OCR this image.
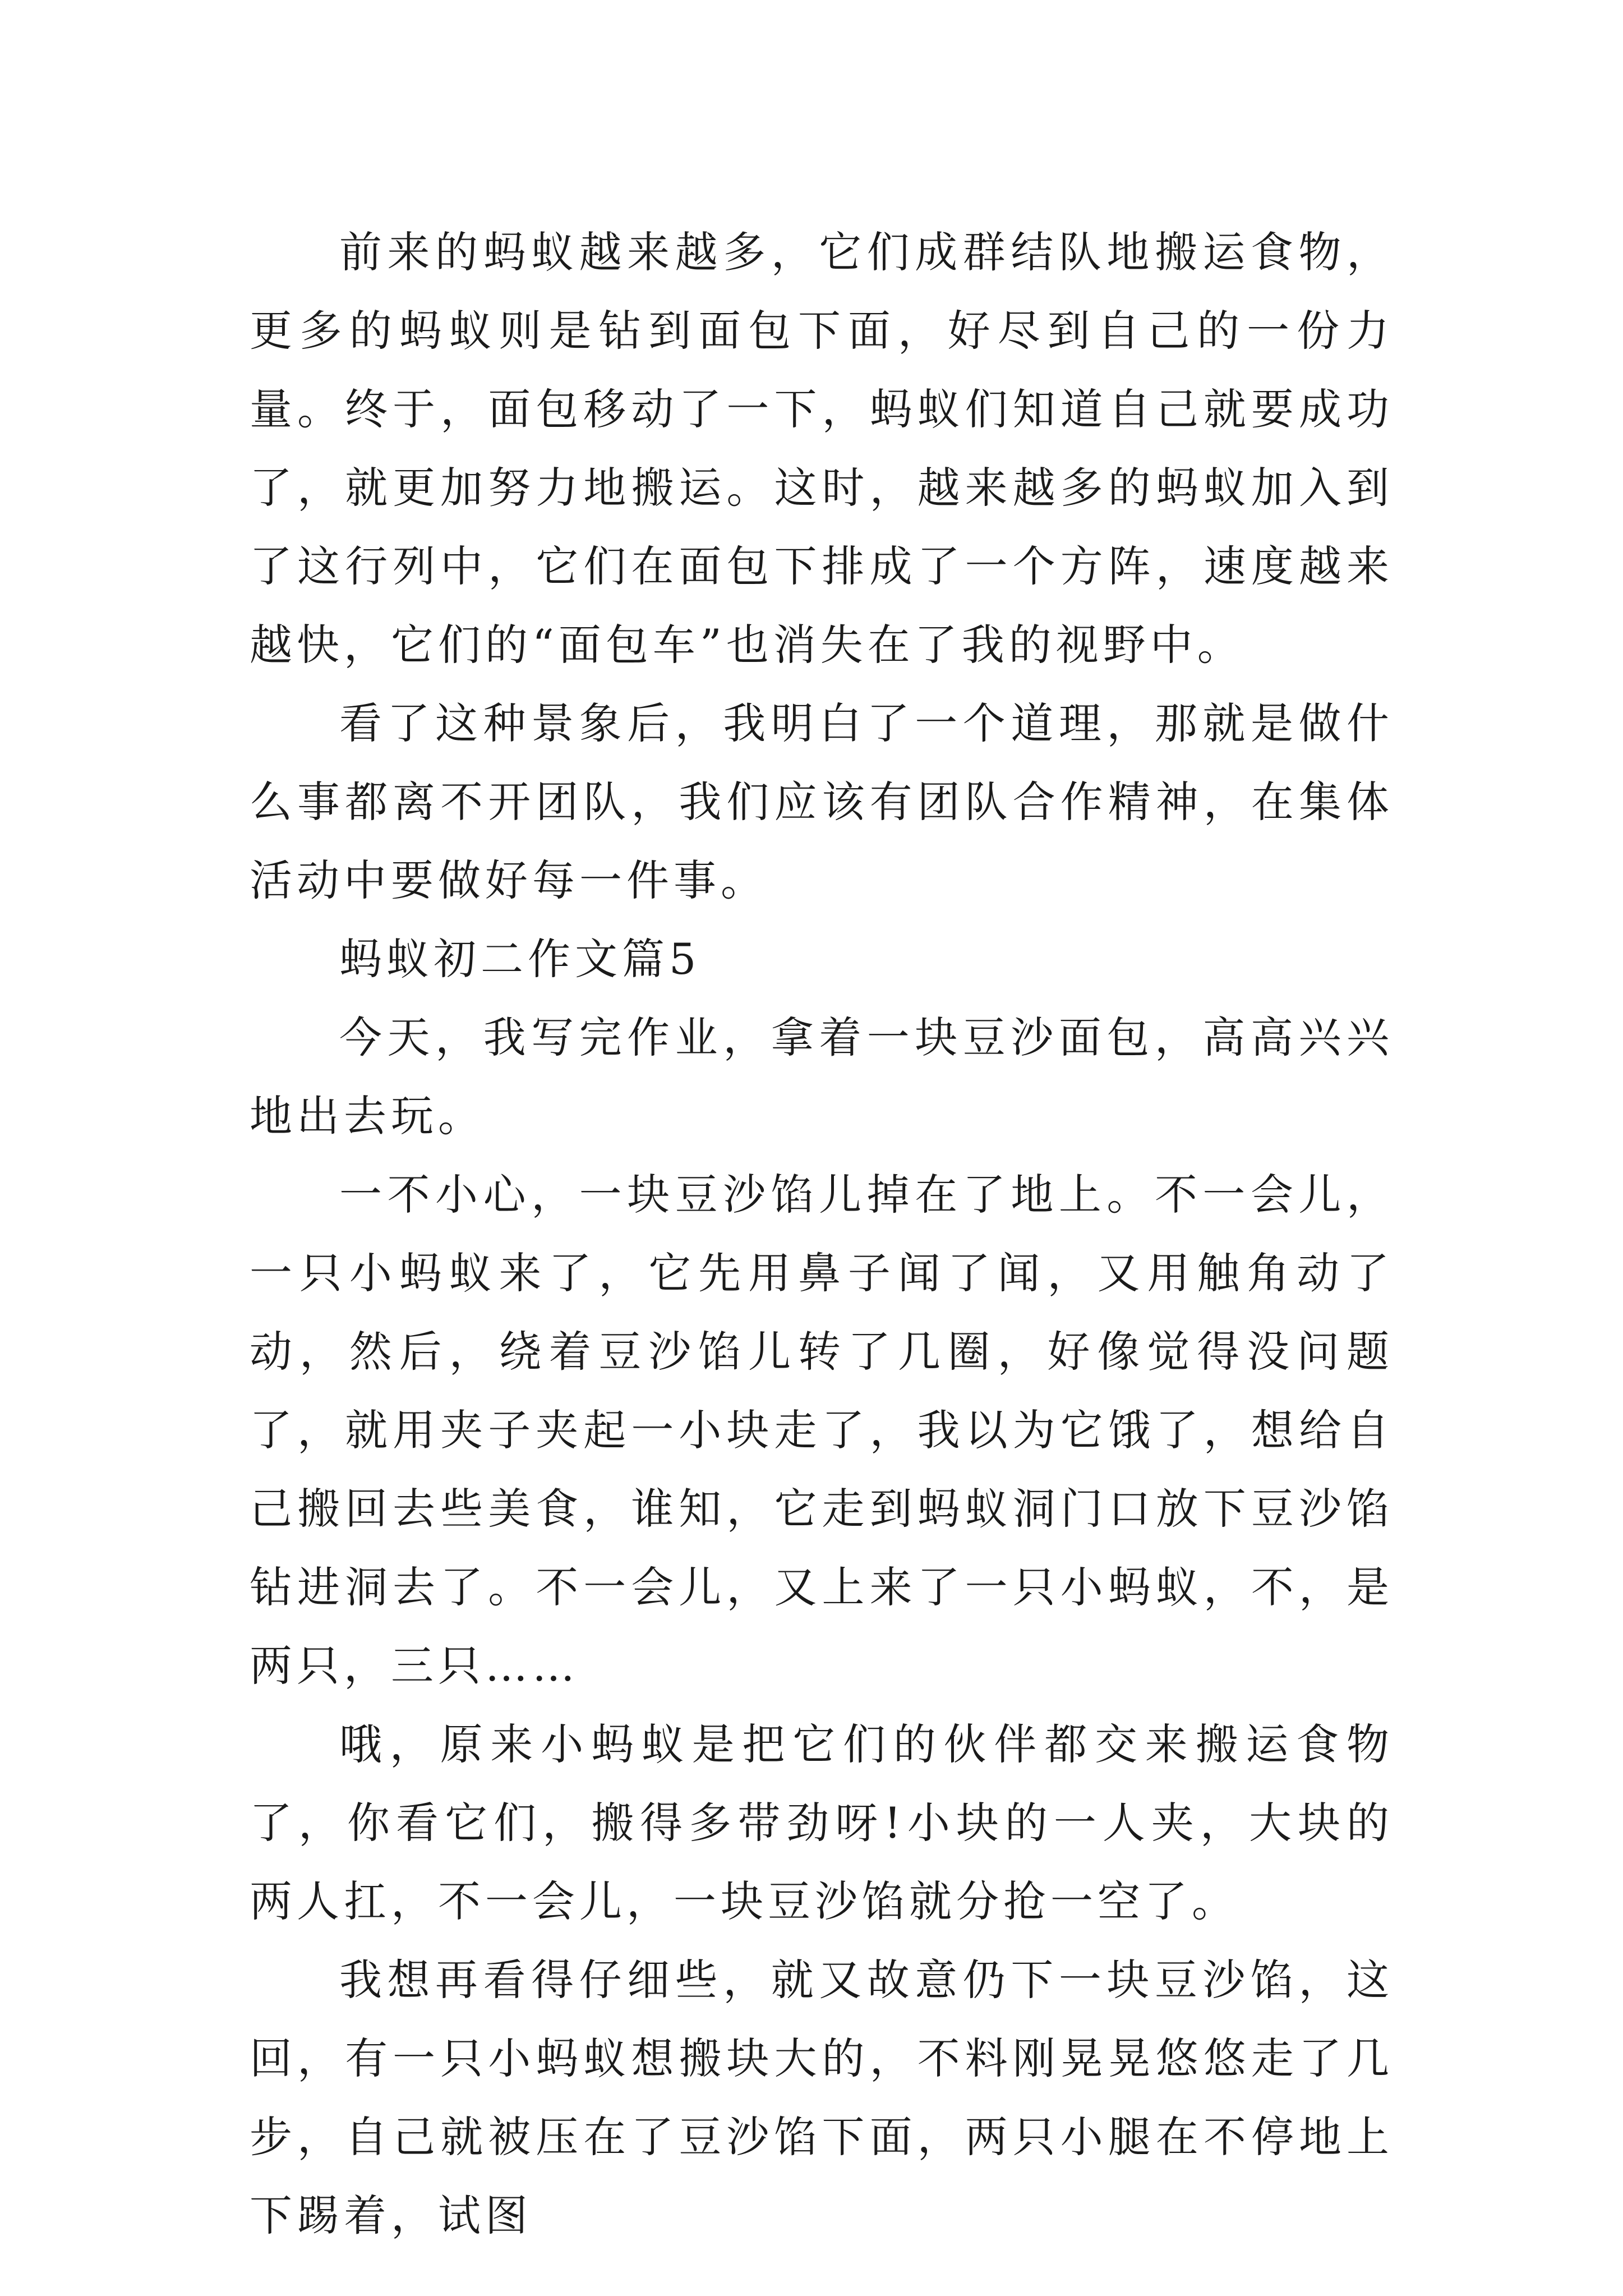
前来的蚂蚁越来越多，它们成群结队地搬运食物，更多的蚂蚁则是钻到面包下面，好尽到自己的一份力量。终于，面包移动了一下，蚂蚁们知道自己就要成功了，就更加努力地搬运。这时，越来越多的蚂蚁加入到了这行列中，它们在面包下排成了一个方阵，速度越来越快，它们的“面包车”也消失在了我的视野中。

看了这种景象后，我明白了一个道理，那就是做什么事都离不开团队，我们应该有团队合作精神，在集体活动中要做好每一件事。

蚂蚁初二作文篇5

今天，我写完作业，拿着一块豆沙面包，高高兴兴地出去玩。

一不小心，一块豆沙馅儿掉在了地上。不一会儿，一只小蚂蚁来了，它先用鼻子闻了闻，又用触角动了动，然后，绕着豆沙馅儿转了几圈，好像觉得没问题了，就用夹子夹起一小块走了，我以为它饿了，想给自己搬回去些美食，谁知，它走到蚂蚁洞门口放下豆沙馅钻进洞去了。不一会儿，又上来了一只小蚂蚁，不，是两只，三只……

哦，原来小蚂蚁是把它们的伙伴都交来搬运食物了，你看它们，搬得多带劲呀!小块的一人夹，大块的两人扛，不一会儿，一块豆沙馅就分抢一空了。

我想再看得仔细些，就又故意仍下一块豆沙馅，这回，有一只小蚂蚁想搬块大的，不料刚晃晃悠悠走了几步，自己就被压在了豆沙馅下面，两只小腿在不停地上下踢着，试图
